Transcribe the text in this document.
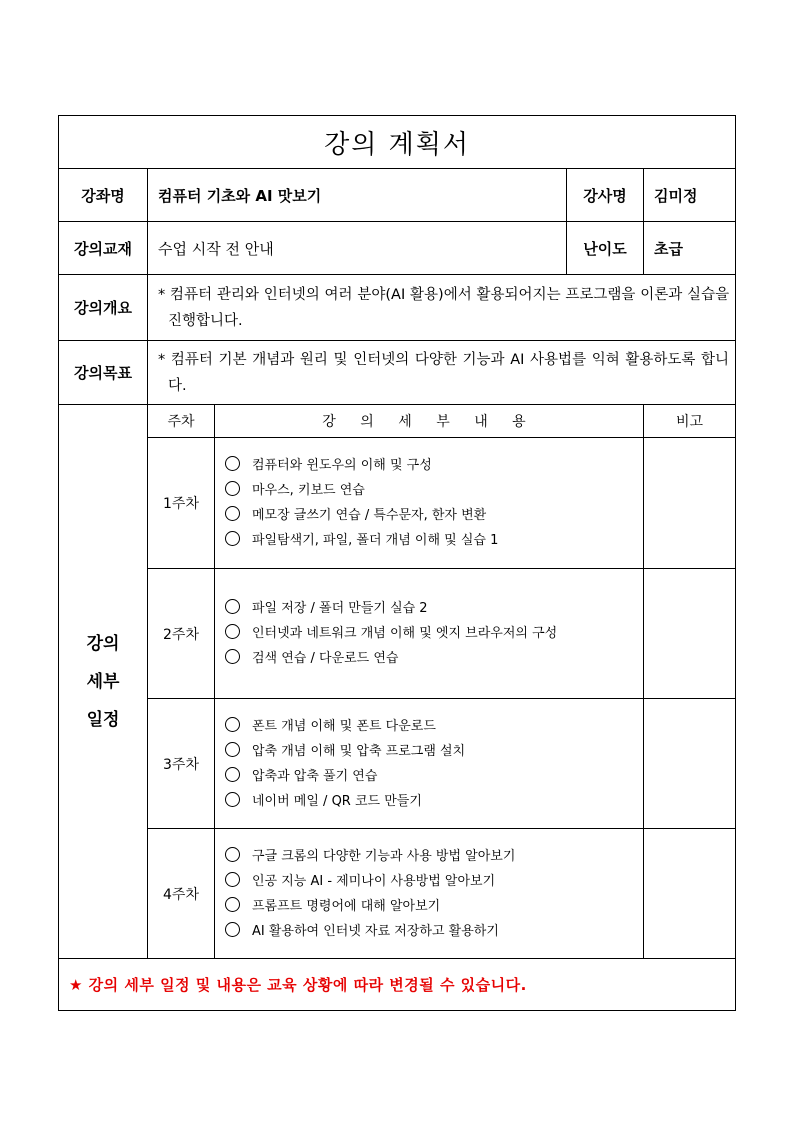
강의 계획서				
강좌명	컴퓨터 기초와 AI 맛보기		강사명	김미정
강의교재	수업 시작 전 안내		난이도	초급
강의개요	* 컴퓨터 관리와 인터넷의 여러 분야(AI 활용)에서 활용되어지는 프로그램을 이론과 실습을 진행합니다.			

강의목표	* 컴퓨터 기본 개념과 원리 및 인터넷의 다양한 기능과 AI 사용법를 익혀 활용하도록 합니다.			

강의
세부
일정	주차	강 의 세 부 내 용		비고
	1주차	컴퓨터와 윈도우의 이해 및 구성
마우스, 키보드 연습
메모장 글쓰기 연습 / 특수문자, 한자 변환
파일탐색기, 파일, 폴더 개념 이해 및 실습 1		

	2주차	파일 저장 / 폴더 만들기 실습 2
인터넷과 네트워크 개념 이해 및 엣지 브라우저의 구성
검색 연습 / 다운로드 연습		

	3주차	폰트 개념 이해 및 폰트 다운로드
압축 개념 이해 및 압축 프로그램 설치
압축과 압축 풀기 연습
네이버 메일 / QR 코드 만들기		

	4주차	구글 크롬의 다양한 기능과 사용 방법 알아보기
인공 지능 AI - 제미나이 사용방법 알아보기
프롬프트 명령어에 대해 알아보기
AI 활용하여 인터넷 자료 저장하고 활용하기		

★ 강의 세부 일정 및 내용은 교육 상황에 따라 변경될 수 있습니다.				
